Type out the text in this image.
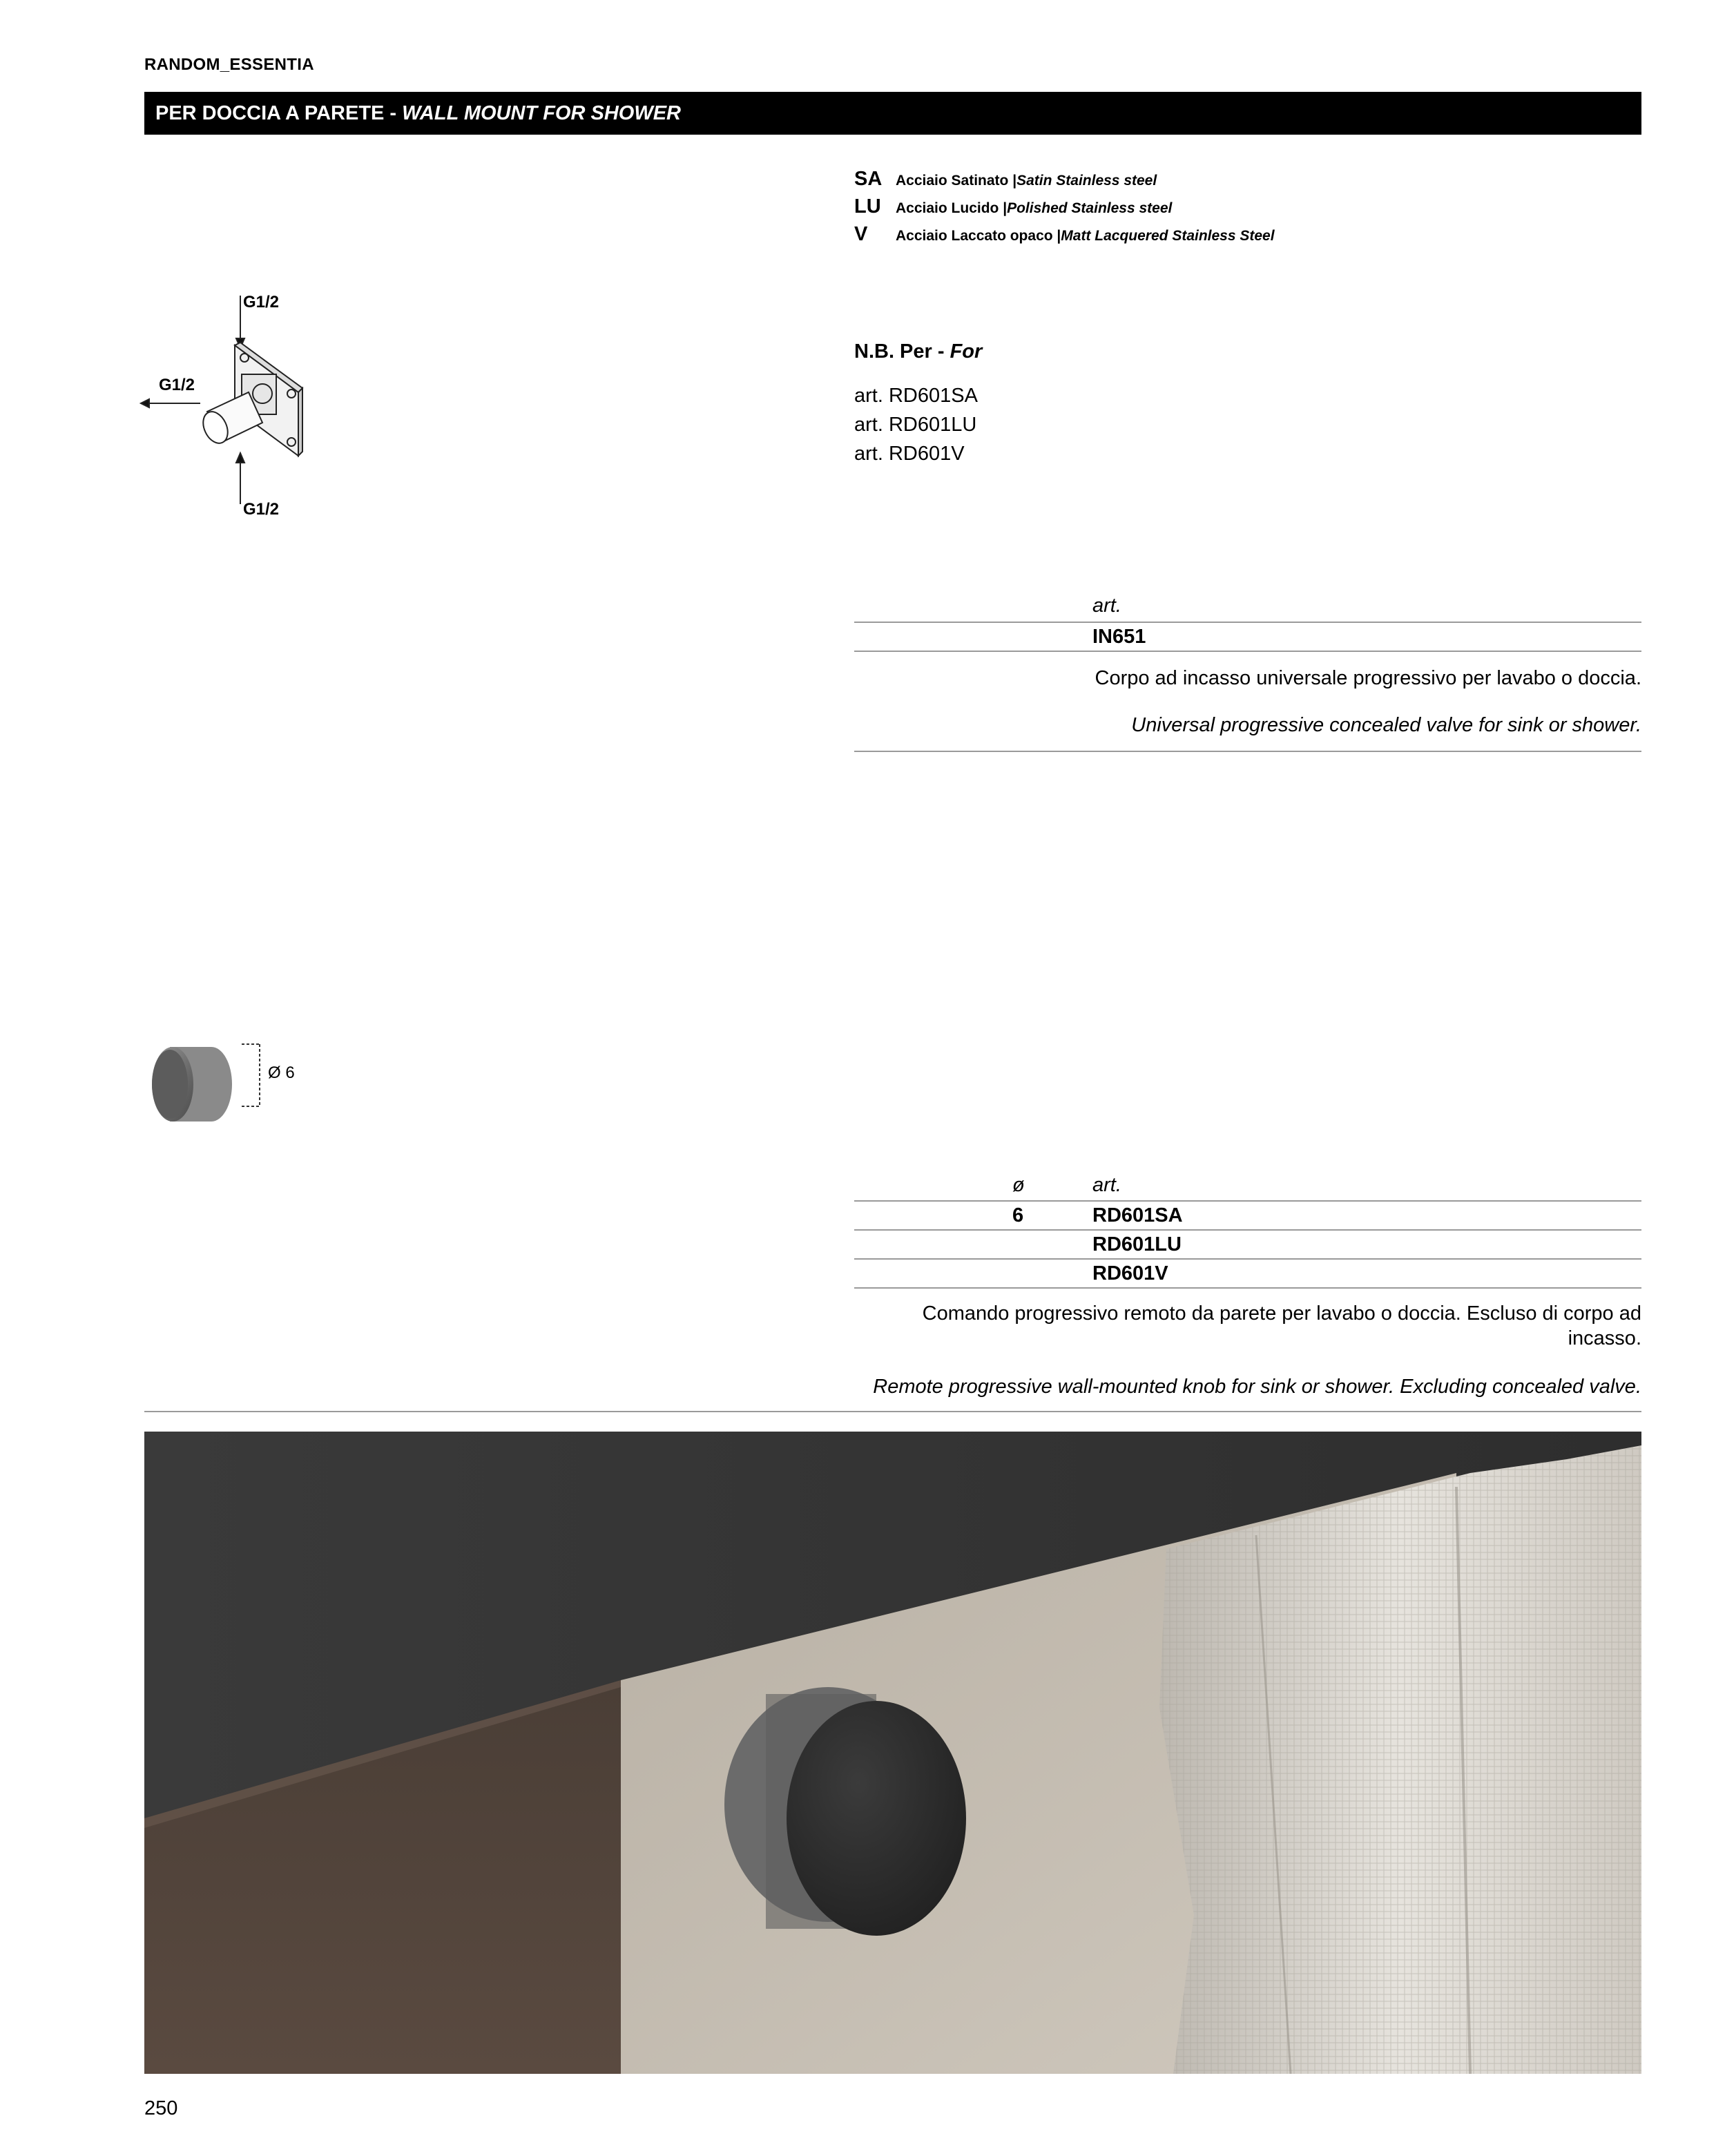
RANDOM_ESSENTIA
PER DOCCIA A PARETE - WALL MOUNT FOR SHOWER
SA Acciaio Satinato | Satin Stainless steel
LU	Acciaio Lucido | Polished Stainless steel
V	Acciaio Laccato opaco | Matt Lacquered Stainless Steel
N.B. Per - For
art. RD601SA
art. RD601LU
art. RD601V
G1/2
G1/2
G1/2
art.
IN651
Corpo ad incasso universale progressivo per lavabo o doccia.
Universal progressive concealed valve for sink or shower.
Ø 6
ø	art.
6	RD601SA
RD601LU
RD601V
Comando progressivo remoto da parete per lavabo o doccia. Escluso di corpo ad
incasso.
Remote progressive wall-mounted knob for sink or shower. Excluding concealed valve.
250
